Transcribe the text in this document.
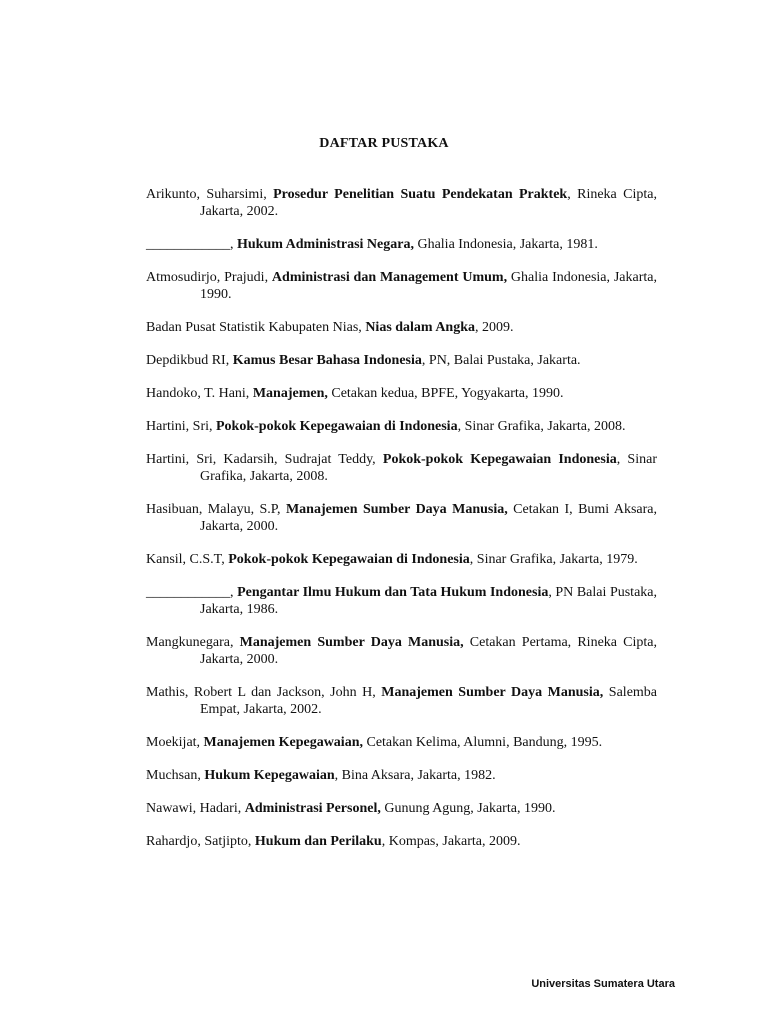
DAFTAR PUSTAKA
Arikunto, Suharsimi, Prosedur Penelitian Suatu Pendekatan Praktek, Rineka Cipta, Jakarta, 2002.
____________, Hukum Administrasi Negara, Ghalia Indonesia, Jakarta, 1981.
Atmosudirjo, Prajudi, Administrasi dan Management Umum, Ghalia Indonesia, Jakarta, 1990.
Badan Pusat Statistik Kabupaten Nias, Nias dalam Angka, 2009.
Depdikbud RI, Kamus Besar Bahasa Indonesia, PN, Balai Pustaka, Jakarta.
Handoko, T. Hani, Manajemen, Cetakan kedua, BPFE, Yogyakarta, 1990.
Hartini, Sri, Pokok-pokok Kepegawaian di Indonesia, Sinar Grafika, Jakarta, 2008.
Hartini, Sri, Kadarsih, Sudrajat Teddy, Pokok-pokok Kepegawaian Indonesia, Sinar Grafika, Jakarta, 2008.
Hasibuan, Malayu, S.P, Manajemen Sumber Daya Manusia, Cetakan I, Bumi Aksara, Jakarta, 2000.
Kansil, C.S.T, Pokok-pokok Kepegawaian di Indonesia, Sinar Grafika, Jakarta, 1979.
____________, Pengantar Ilmu Hukum dan Tata Hukum Indonesia, PN Balai Pustaka, Jakarta, 1986.
Mangkunegara, Manajemen Sumber Daya Manusia, Cetakan Pertama, Rineka Cipta, Jakarta, 2000.
Mathis, Robert L dan Jackson, John H, Manajemen Sumber Daya Manusia, Salemba Empat, Jakarta, 2002.
Moekijat, Manajemen Kepegawaian, Cetakan Kelima, Alumni, Bandung, 1995.
Muchsan, Hukum Kepegawaian, Bina Aksara, Jakarta, 1982.
Nawawi, Hadari, Administrasi Personel, Gunung Agung, Jakarta, 1990.
Rahardjo, Satjipto, Hukum dan Perilaku, Kompas, Jakarta, 2009.
Universitas Sumatera Utara
